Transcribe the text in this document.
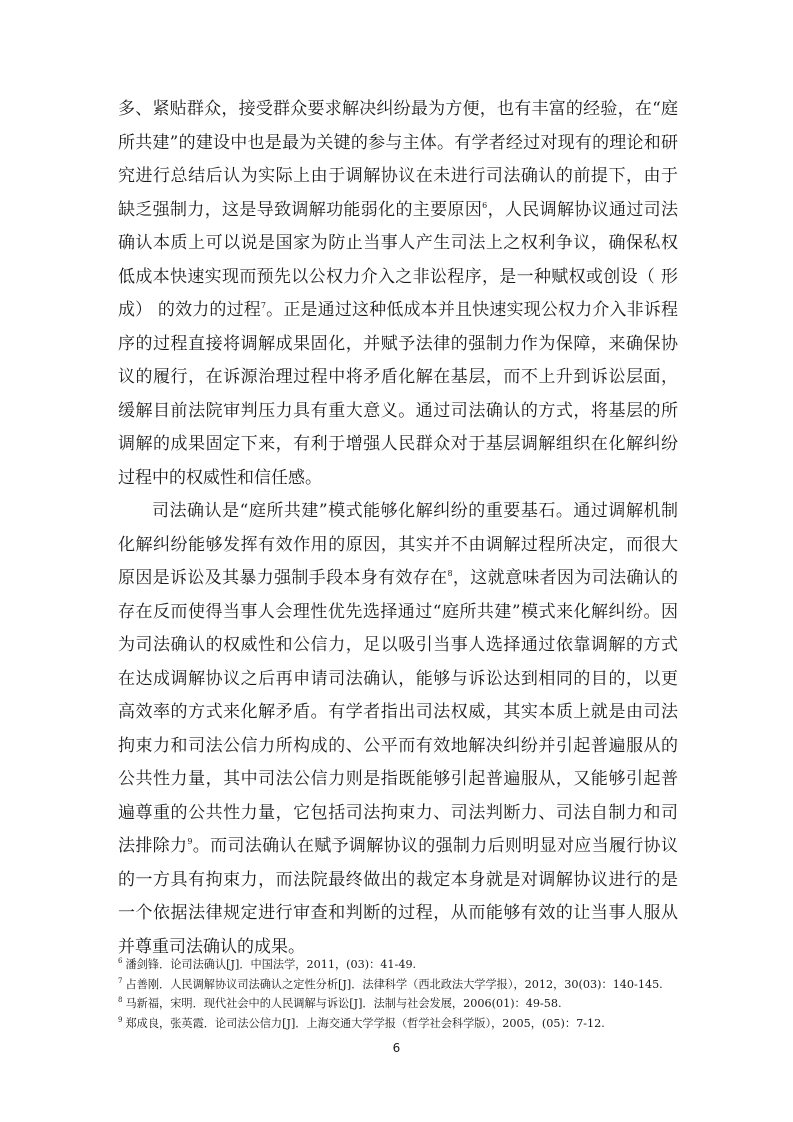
多、紧贴群众，接受群众要求解决纠纷最为方便，也有丰富的经验，在“庭所共建”的建设中也是最为关键的参与主体。有学者经过对现有的理论和研究进行总结后认为实际上由于调解协议在未进行司法确认的前提下，由于缺乏强制力，这是导致调解功能弱化的主要原因$^6$，人民调解协议通过司法确认本质上可以说是国家为防止当事人产生司法上之权利争议，确保私权低成本快速实现而预先以公权力介入之非讼程序，是一种赋权或创设（ 形成） 的效力的过程$^7$。正是通过这种低成本并且快速实现公权力介入非诉程序的过程直接将调解成果固化，并赋予法律的强制力作为保障，来确保协议的履行，在诉源治理过程中将矛盾化解在基层，而不上升到诉讼层面，缓解目前法院审判压力具有重大意义。通过司法确认的方式，将基层的所调解的成果固定下来，有利于增强人民群众对于基层调解组织在化解纠纷过程中的权威性和信任感。

司法确认是“庭所共建”模式能够化解纠纷的重要基石。通过调解机制化解纠纷能够发挥有效作用的原因，其实并不由调解过程所决定，而很大原因是诉讼及其暴力强制手段本身有效存在$^8$，这就意味者因为司法确认的存在反而使得当事人会理性优先选择通过“庭所共建”模式来化解纠纷。因为司法确认的权威性和公信力，足以吸引当事人选择通过依靠调解的方式在达成调解协议之后再申请司法确认，能够与诉讼达到相同的目的，以更高效率的方式来化解矛盾。有学者指出司法权威，其实本质上就是由司法拘束力和司法公信力所构成的、公平而有效地解决纠纷并引起普遍服从的公共性力量，其中司法公信力则是指既能够引起普遍服从，又能够引起普遍尊重的公共性力量，它包括司法拘束力、司法判断力、司法自制力和司法排除力$^9$。而司法确认在赋予调解协议的强制力后则明显对应当履行协议的一方具有拘束力，而法院最终做出的裁定本身就是对调解协议进行的是一个依据法律规定进行审查和判断的过程，从而能够有效的让当事人服从并尊重司法确认的成果。

$^6$ 潘剑锋．论司法确认[J]．中国法学，2011，(03)：41-49.

$^7$ 占善刚．人民调解协议司法确认之定性分析[J]．法律科学（西北政法大学学报），2012，30(03)：140-145.

$^8$ 马新福，宋明．现代社会中的人民调解与诉讼[J]．法制与社会发展，2006(01)：49-58.

$^9$ 郑成良，张英霞．论司法公信力[J]．上海交通大学学报（哲学社会科学版），2005，(05)：7-12.

6
